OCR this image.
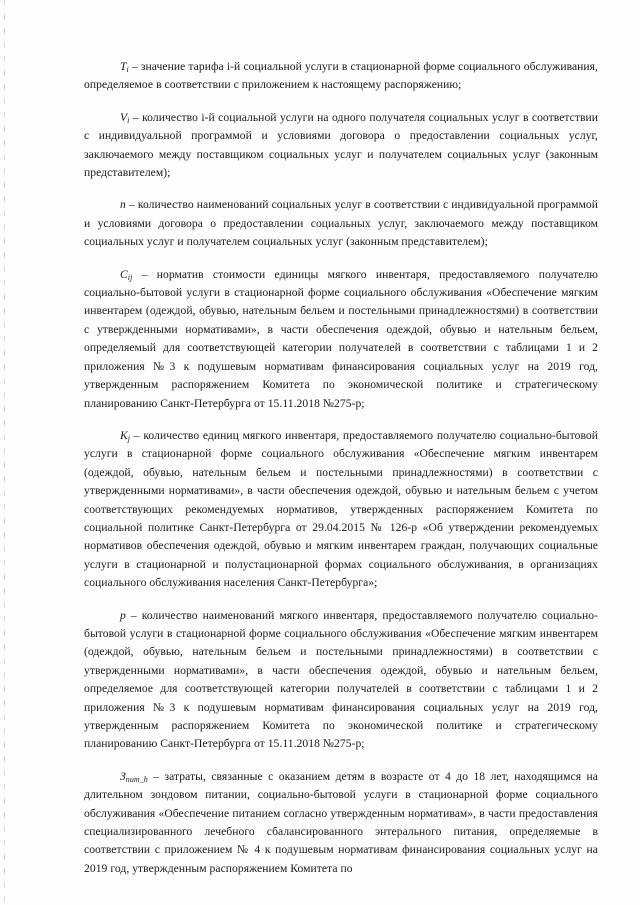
$T_i$ – значение тарифа i-й социальной услуги в стационарной форме социального обслуживания, определяемое в соответствии с приложением к настоящему распоряжению;

$V_i$ – количество i-й социальной услуги на одного получателя социальных услуг в соответствии с индивидуальной программой и условиями договора о предоставлении социальных услуг, заключаемого между поставщиком социальных услуг и получателем социальных услуг (законным представителем);

n – количество наименований социальных услуг в соответствии с индивидуальной программой и условиями договора о предоставлении социальных услуг, заключаемого между поставщиком социальных услуг и получателем социальных услуг (законным представителем);

$C_{ij}$ – норматив стоимости единицы мягкого инвентаря, предоставляемого получателю социально-бытовой услуги в стационарной форме социального обслуживания «Обеспечение мягким инвентарем (одеждой, обувью, нательным бельем и постельными принадлежностями) в соответствии с утвержденными нормативами», в части обеспечения одеждой, обувью и нательным бельем, определяемый для соответствующей категории получателей в соответствии с таблицами 1 и 2 приложения №3 к подушевым нормативам финансирования социальных услуг на 2019 год, утвержденным распоряжением Комитета по экономической политике и стратегическому планированию Санкт-Петербурга от 15.11.2018 №275-р;

$K_j$ – количество единиц мягкого инвентаря, предоставляемого получателю социально-бытовой услуги в стационарной форме социального обслуживания «Обеспечение мягким инвентарем (одеждой, обувью, нательным бельем и постельными принадлежностями) в соответствии с утвержденными нормативами», в части обеспечения одеждой, обувью и нательным бельем с учетом соответствующих рекомендуемых нормативов, утвержденных распоряжением Комитета по социальной политике Санкт-Петербурга от 29.04.2015 № 126-р «Об утверждении рекомендуемых нормативов обеспечения одеждой, обувью и мягким инвентарем граждан, получающих социальные услуги в стационарной и полустационарной формах социального обслуживания, в организациях социального обслуживания населения Санкт-Петербурга»;

p – количество наименований мягкого инвентаря, предоставляемого получателю социально-бытовой услуги в стационарной форме социального обслуживания «Обеспечение мягким инвентарем (одеждой, обувью, нательным бельем и постельными принадлежностями) в соответствии с утвержденными нормативами», в части обеспечения одеждой, обувью и нательным бельем, определяемое для соответствующей категории получателей в соответствии с таблицами 1 и 2 приложения №3 к подушевым нормативам финансирования социальных услуг на 2019 год, утвержденным распоряжением Комитета по экономической политике и стратегическому планированию Санкт-Петербурга от 15.11.2018 №275-р;

$З_{пит\_h}$ – затраты, связанные с оказанием детям в возрасте от 4 до 18 лет, находящимся на длительном зондовом питании, социально-бытовой услуги в стационарной форме социального обслуживания «Обеспечение питанием согласно утвержденным нормативам», в части предоставления специализированного лечебного сбалансированного энтерального питания, определяемые в соответствии с приложением № 4 к подушевым нормативам финансирования социальных услуг на 2019 год, утвержденным распоряжением Комитета по
